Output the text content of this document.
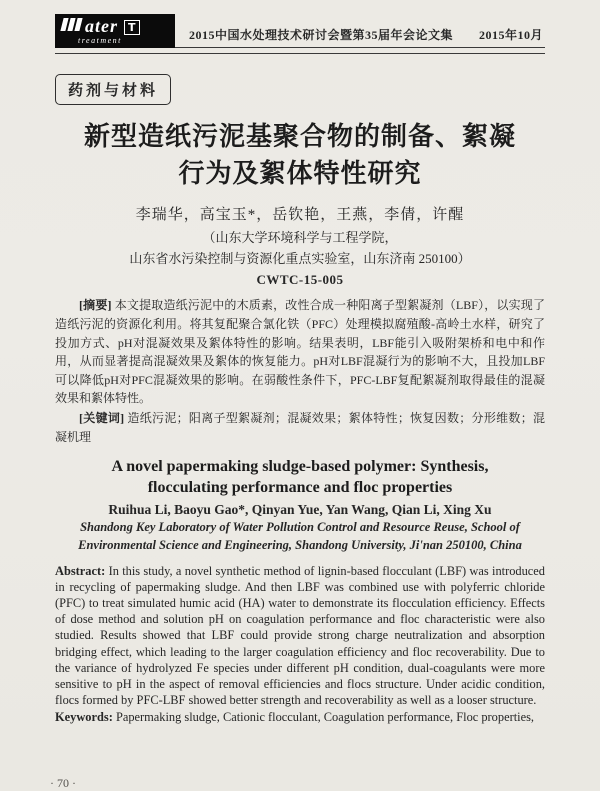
ater T
treatment	2015中国水处理技术研讨会暨第35届年会论文集 2015年10月
药剂与材料
新型造纸污泥基聚合物的制备、絮凝
行为及絮体特性研究
李瑞华，高宝玉*，岳钦艳，王燕，李倩，许醒
（山东大学环境科学与工程学院，
山东省水污染控制与资源化重点实验室，山东济南 250100）
CWTC-15-005

[摘要] 本文提取造纸污泥中的木质素，改性合成一种阳离子型絮凝剂（LBF），以实现了造纸污泥的资源化利用。将其复配聚合氯化铁（PFC）处理模拟腐殖酸-高岭土水样，研究了投加方式、pH对混凝效果及絮体特性的影响。结果表明，LBF能引入吸附架桥和电中和作用，从而显著提高混凝效果及絮体的恢复能力。pH对LBF混凝行为的影响不大，且投加LBF可以降低pH对PFC混凝效果的影响。在弱酸性条件下，PFC-LBF复配絮凝剂取得最佳的混凝效果和絮体特性。

[关键词] 造纸污泥；阳离子型絮凝剂；混凝效果；絮体特性；恢复因数；分形维数；混凝机理

A novel papermaking sludge-based polymer: Synthesis,
flocculating performance and floc properties
Ruihua Li, Baoyu Gao*, Qinyan Yue, Yan Wang, Qian Li, Xing Xu
Shandong Key Laboratory of Water Pollution Control and Resource Reuse, School of
Environmental Science and Engineering, Shandong University, Ji'nan 250100, China

Abstract: In this study, a novel synthetic method of lignin-based flocculant (LBF) was introduced in recycling of papermaking sludge. And then LBF was combined use with polyferric chloride (PFC) to treat simulated humic acid (HA) water to demonstrate its flocculation efficiency. Effects of dose method and solution pH on coagulation performance and floc characteristic were also studied. Results showed that LBF could provide strong charge neutralization and absorption bridging effect, which leading to the larger coagulation efficiency and floc recoverability. Due to the variance of hydrolyzed Fe species under different pH condition, dual-coagulants were more sensitive to pH in the aspect of removal efficiencies and flocs structure. Under acidic condition, flocs formed by PFC-LBF showed better strength and recoverability as well as a looser structure.

Keywords: Papermaking sludge, Cationic flocculant, Coagulation performance, Floc properties,

· 70 ·
